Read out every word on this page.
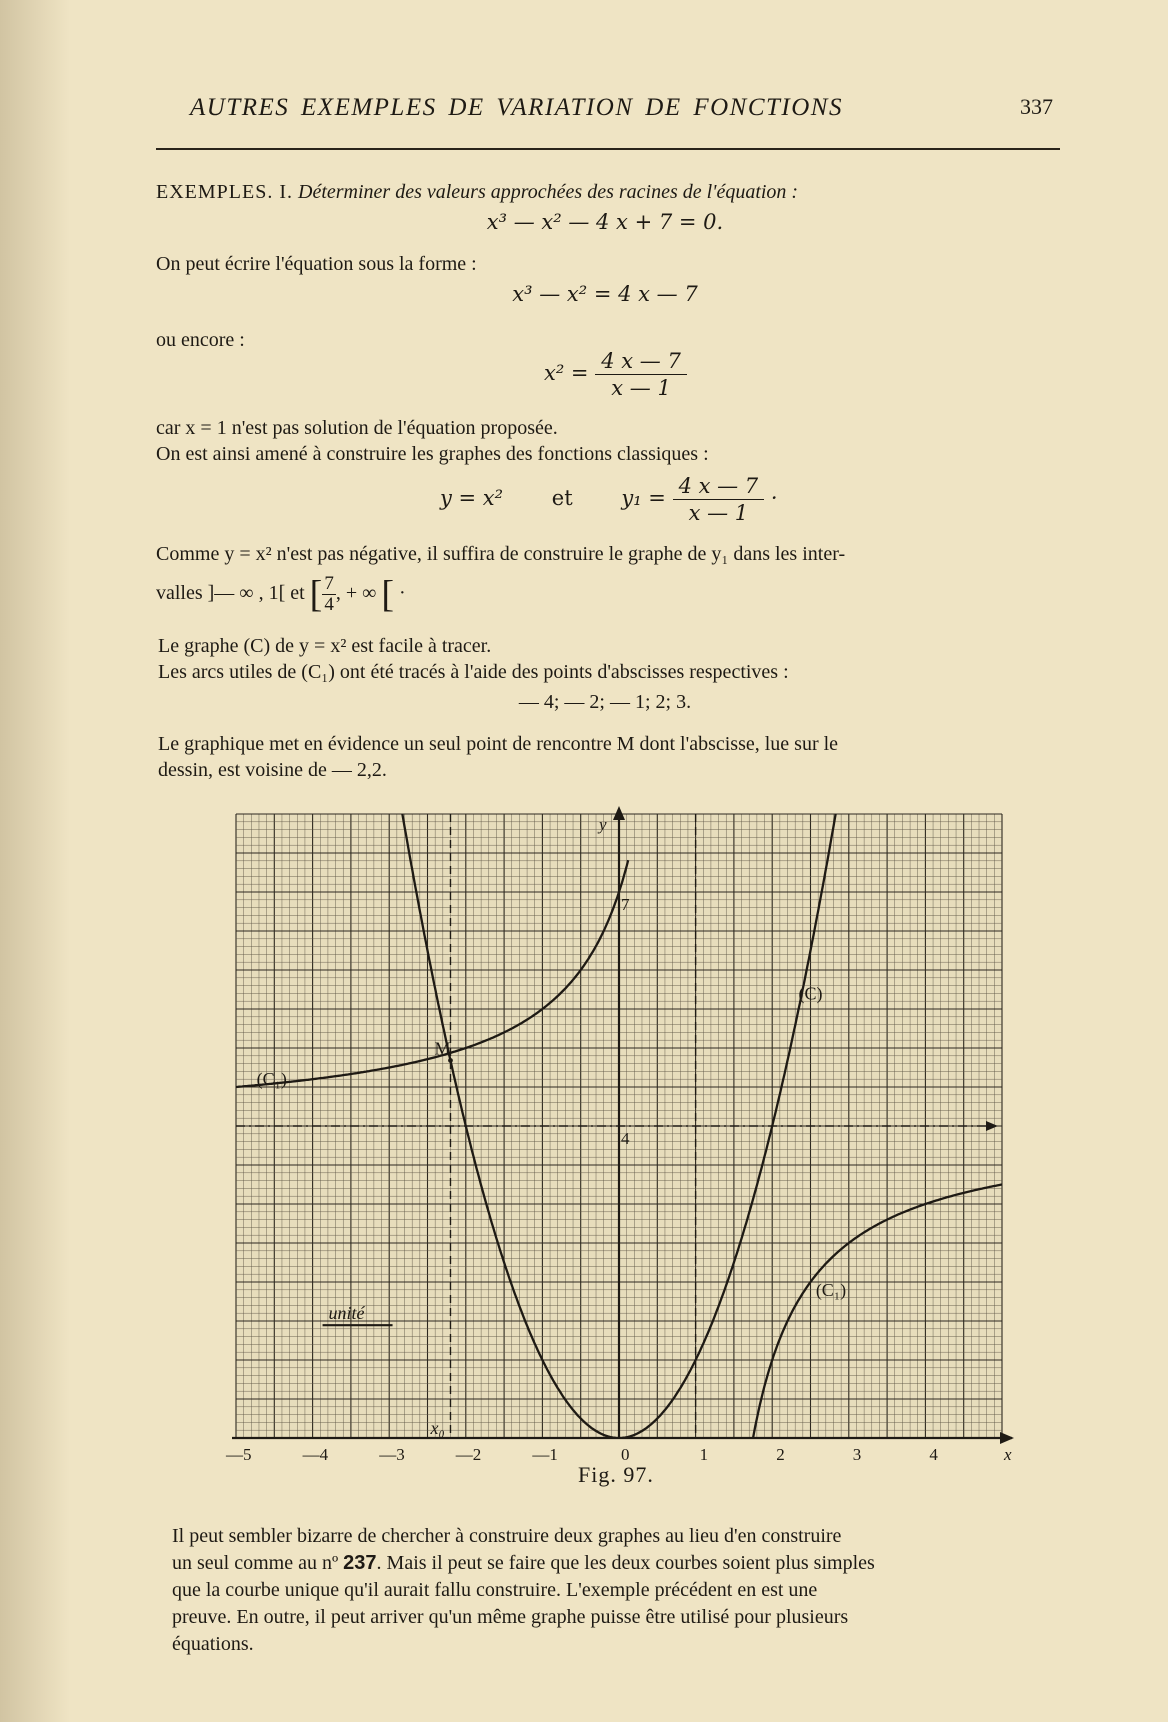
AUTRES EXEMPLES DE VARIATION DE FONCTIONS	337
EXEMPLES. I. Déterminer des valeurs approchées des racines de l'équation :
x³ — x² — 4 x + 7 = 0.
On peut écrire l'équation sous la forme :
x³ — x² = 4 x — 7
ou encore :
$x^2 = \frac{4 x — 7}{x — 1}$
car x = 1 n'est pas solution de l'équation proposée.
On est ainsi amené à construire les graphes des fonctions classiques :
y = x² et $y_1 = \frac{4 x — 7}{x — 1}$ ·
Comme y = x² n'est pas négative, il suffira de construire le graphe de y₁ dans les inter-
valles ]— ∞ , 1[ et [ $\frac{7}{4}$ , + ∞ [ ·
Le graphe (C) de y = x² est facile à tracer.
Les arcs utiles de (C₁) ont été tracés à l'aide des points d'abscisses respectives :
— 4; — 2; — 1; 2; 3.
Le graphique met en évidence un seul point de rencontre M dont l'abscisse, lue sur le
dessin, est voisine de — 2,2.
—5	—4	—3	—2	—1	0	1	2	3	4	x
y
4
7
M
x₀
(C₁)
(C)
(C₁)
unité
Fig. 97.
Il peut sembler bizarre de chercher à construire deux graphes au lieu d'en construire
un seul comme au nº 237. Mais il peut se faire que les deux courbes soient plus simples
que la courbe unique qu'il aurait fallu construire. L'exemple précédent en est une
preuve. En outre, il peut arriver qu'un même graphe puisse être utilisé pour plusieurs
équations.
